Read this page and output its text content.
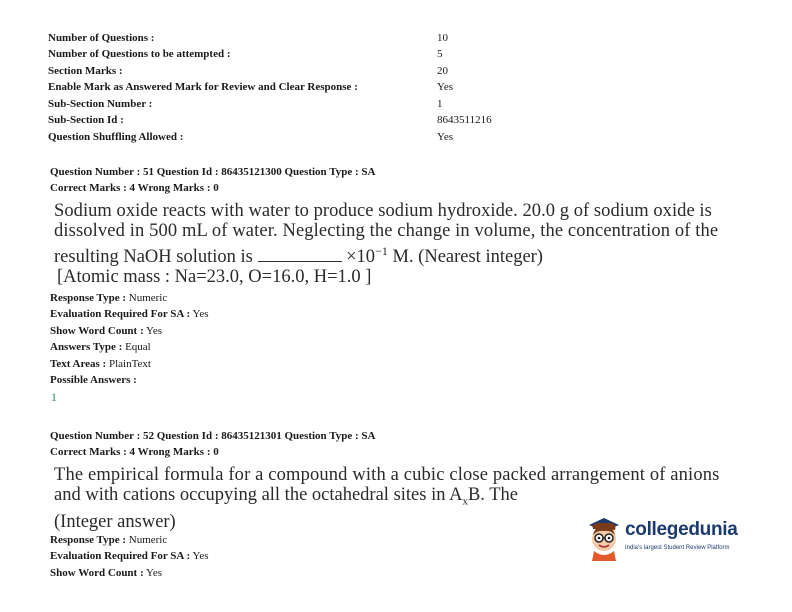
Number of Questions :	10
Number of Questions to be attempted :	5
Section Marks :	20
Enable Mark as Answered Mark for Review and Clear Response :	Yes
Sub-Section Number :	1
Sub-Section Id :	8643511216
Question Shuffling Allowed :	Yes
Question Number : 51 Question Id : 86435121300 Question Type : SA
Correct Marks : 4 Wrong Marks : 0
Sodium oxide reacts with water to produce sodium hydroxide. 20.0 g of sodium oxide is
dissolved in 500 mL of water. Neglecting the change in volume, the concentration of the
resulting NaOH solution is	$\times 10^{-1}$ M. (Nearest integer)
[Atomic mass : Na=23.0, O=16.0, H=1.0 ]
Response Type : Numeric
Evaluation Required For SA : Yes
Show Word Count : Yes
Answers Type : Equal
Text Areas : PlainText
Possible Answers :
1
Question Number : 52 Question Id : 86435121301 Question Type : SA
Correct Marks : 4 Wrong Marks : 0
The empirical formula for a compound with a cubic close packed arrangement of anions
and with cations occupying all the octahedral sites in $A_xB$. The
(Integer answer)
Response Type : Numeric
Evaluation Required For SA : Yes
Show Word Count : Yes
collegedunia
India's largest Student Review Platform
